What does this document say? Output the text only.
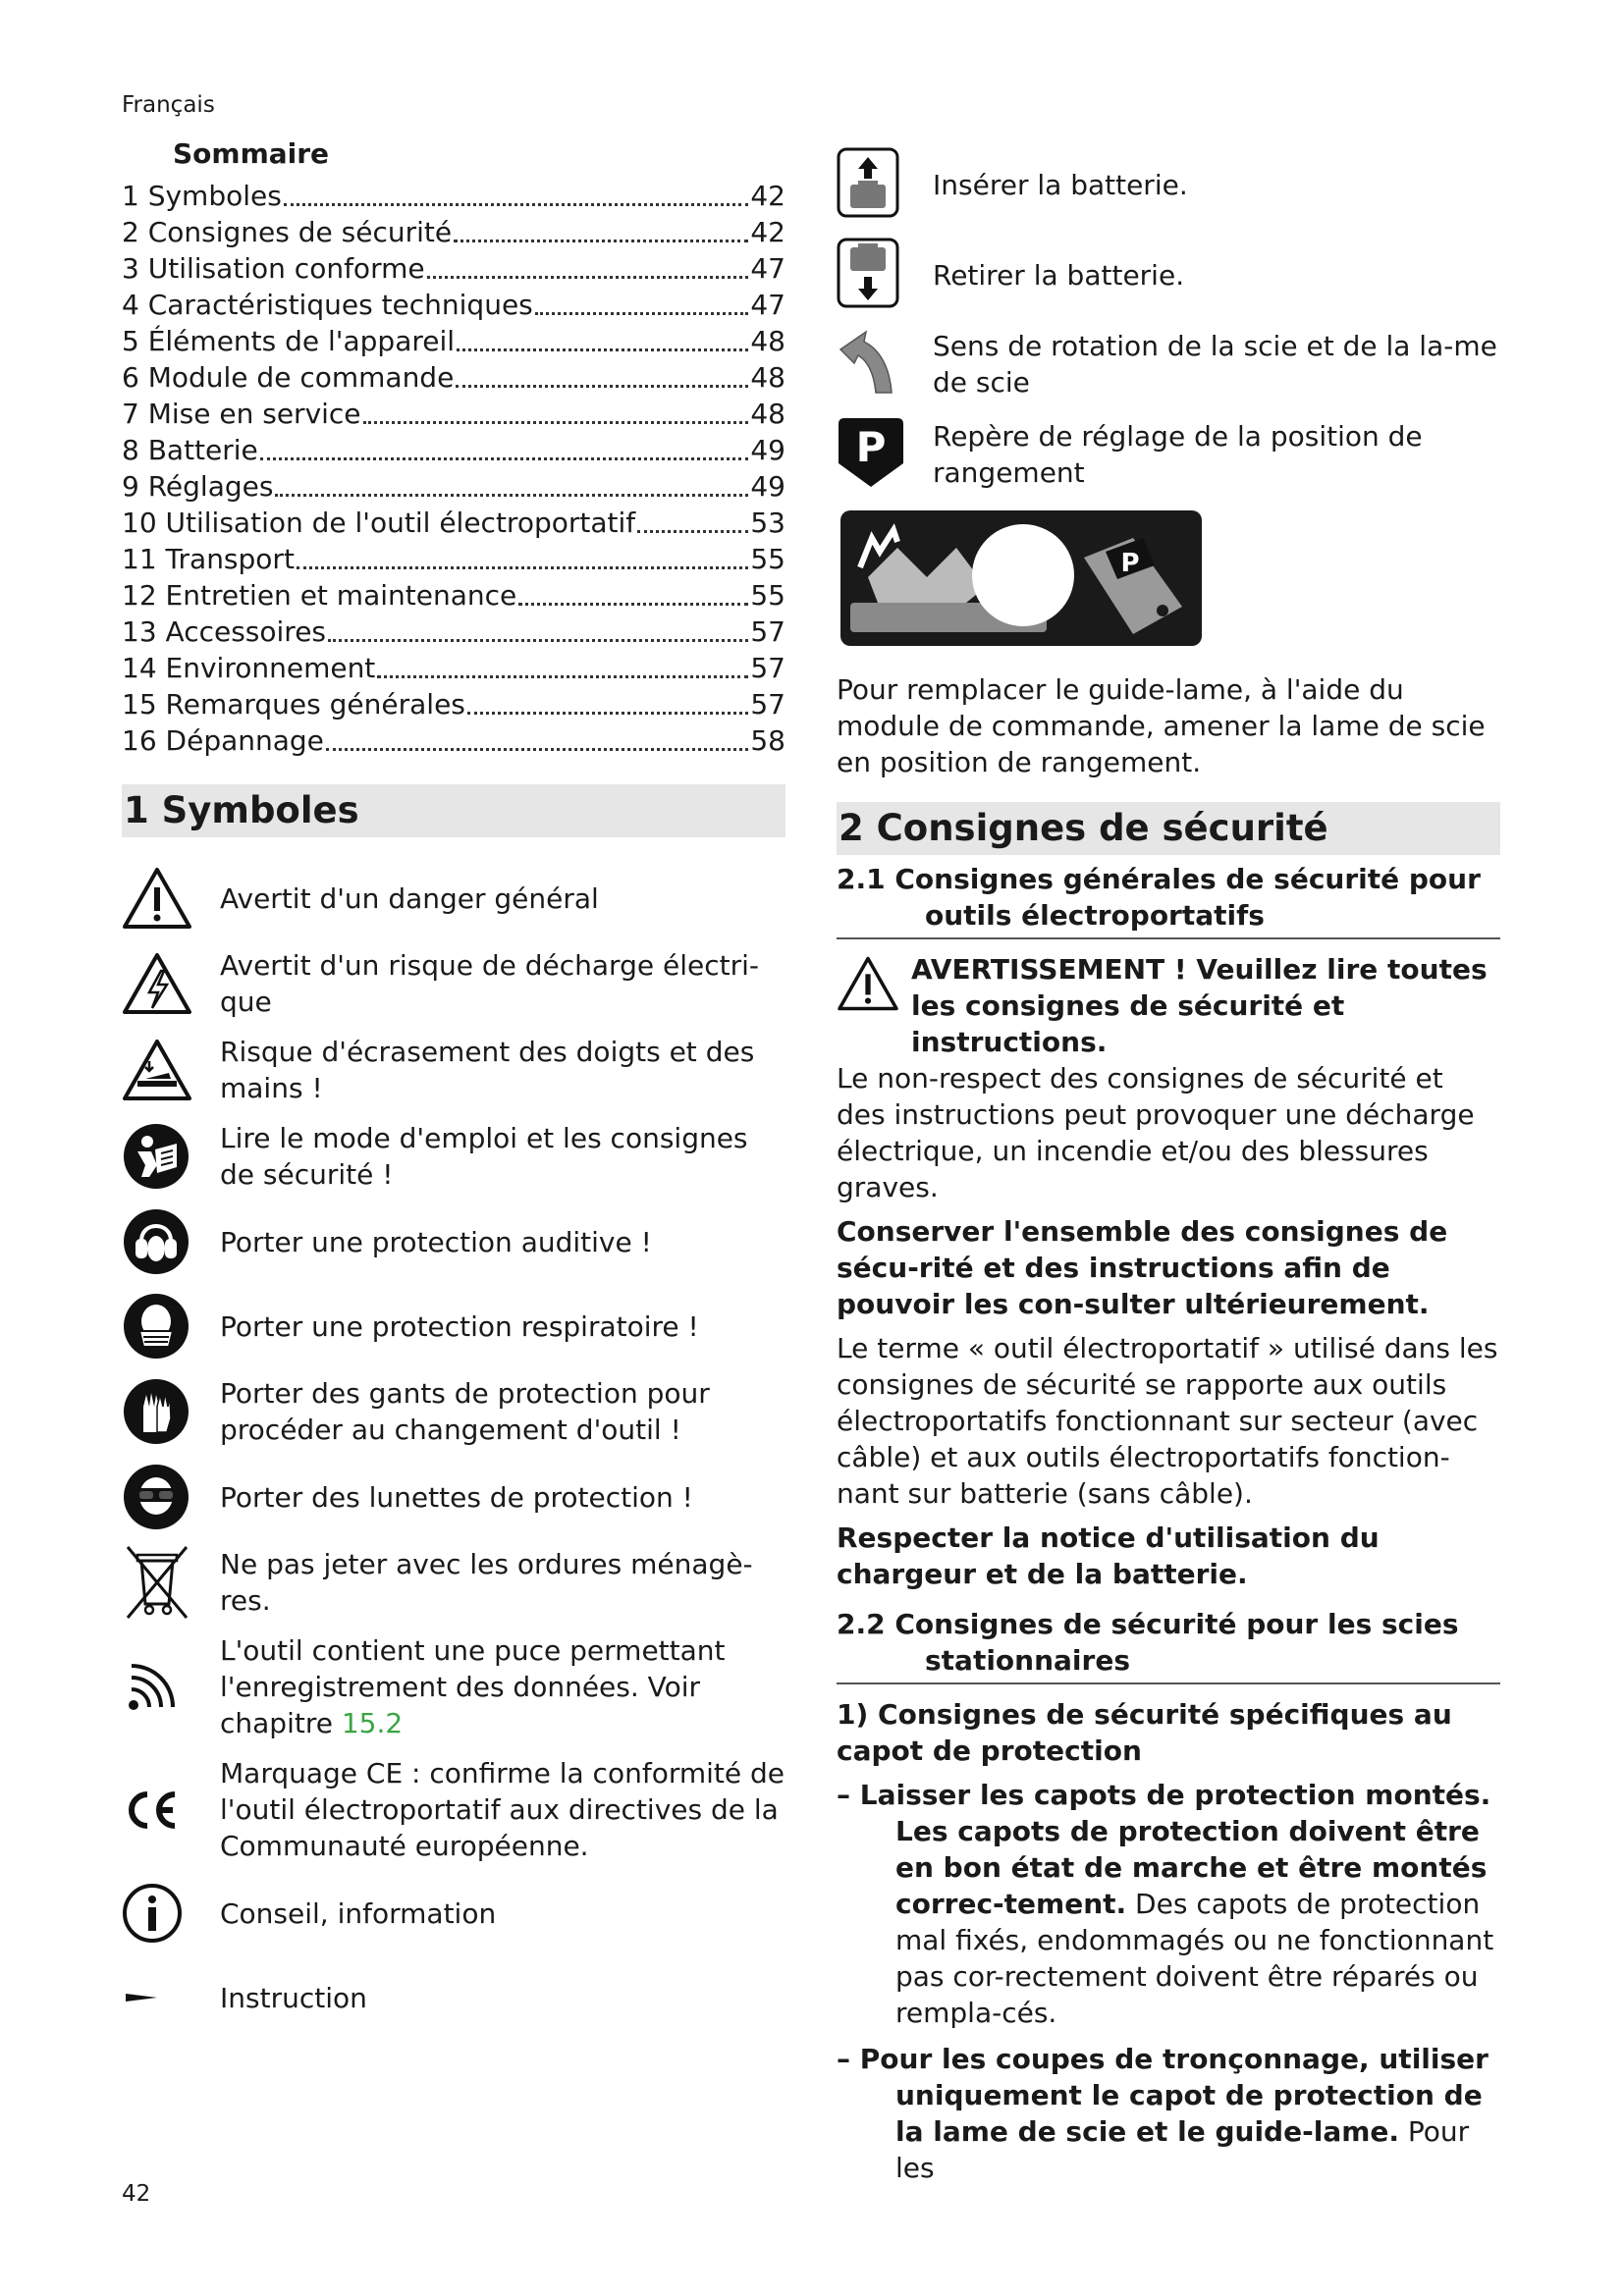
Français
Sommaire
1 Symboles	42
2 Consignes de sécurité	42
3 Utilisation conforme	47
4 Caractéristiques techniques	47
5 Éléments de l'appareil	48
6 Module de commande	48
7 Mise en service	48
8 Batterie	49
9 Réglages	49
10 Utilisation de l'outil électroportatif	53
11 Transport	55
12 Entretien et maintenance	55
13 Accessoires	57
14 Environnement	57
15 Remarques générales	57
16 Dépannage	58
1 Symboles
Avertit d'un danger général
Avertit d'un risque de décharge électri-que
Risque d'écrasement des doigts et des mains !
Lire le mode d'emploi et les consignes de sécurité !
Porter une protection auditive !
Porter une protection respiratoire !
Porter des gants de protection pour procéder au changement d'outil !
Porter des lunettes de protection !
Ne pas jeter avec les ordures ménagè-res.
L'outil contient une puce permettant l'enregistrement des données. Voir chapitre 15.2
Marquage CE : confirme la conformité de l'outil électroportatif aux directives de la Communauté européenne.
Conseil, information
Instruction
Insérer la batterie.
Retirer la batterie.
Sens de rotation de la scie et de la la-me de scie
P Repère de réglage de la position de rangement
P

Pour remplacer le guide-lame, à l'aide du module de commande, amener la lame de scie en position de rangement.

2 Consignes de sécurité
2.1 Consignes générales de sécurité pour outils électroportatifs
AVERTISSEMENT ! Veuillez lire toutes les consignes de sécurité et instructions.

Le non-respect des consignes de sécurité et des instructions peut provoquer une décharge électrique, un incendie et/ou des blessures graves.

Conserver l'ensemble des consignes de sécu-rité et des instructions afin de pouvoir les con-sulter ultérieurement.

Le terme « outil électroportatif » utilisé dans les consignes de sécurité se rapporte aux outils électroportatifs fonctionnant sur secteur (avec câble) et aux outils électroportatifs fonction-nant sur batterie (sans câble).

Respecter la notice d'utilisation du chargeur et de la batterie.

2.2 Consignes de sécurité pour les scies stationnaires

1) Consignes de sécurité spécifiques au capot de protection

– Laisser les capots de protection montés. Les capots de protection doivent être en bon état de marche et être montés correc-tement. Des capots de protection mal fixés, endommagés ou ne fonctionnant pas cor-rectement doivent être réparés ou rempla-cés.

– Pour les coupes de tronçonnage, utiliser uniquement le capot de protection de la lame de scie et le guide-lame. Pour les

42
